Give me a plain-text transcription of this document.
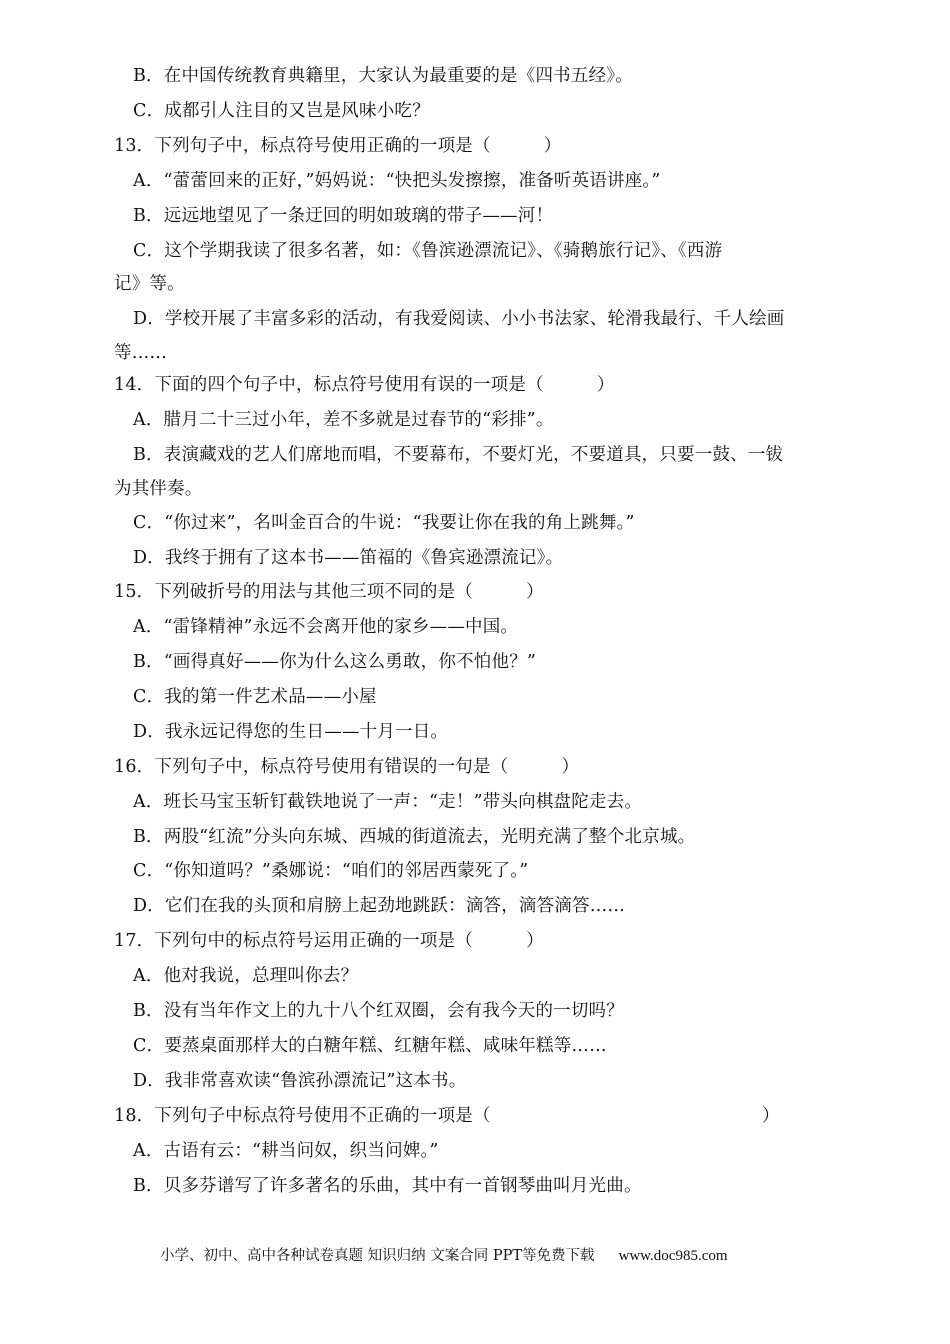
B．在中国传统教育典籍里，大家认为最重要的是《四书五经》。
C．成都引人注目的又岂是风味小吃？
13．下列句子中，标点符号使用正确的一项是（　　　）
A．“蕾蕾回来的正好，”妈妈说：“快把头发擦擦，准备听英语讲座。”
B．远远地望见了一条迂回的明如玻璃的带子——河！
C．这个学期我读了很多名著，如：《鲁滨逊漂流记》、《骑鹅旅行记》、《西游
记》等。
D．学校开展了丰富多彩的活动，有我爱阅读、小小书法家、轮滑我最行、千人绘画
等……
14．下面的四个句子中，标点符号使用有误的一项是（　　　）
A．腊月二十三过小年，差不多就是过春节的“彩排”。
B．表演藏戏的艺人们席地而唱，不要幕布，不要灯光，不要道具，只要一鼓、一钹
为其伴奏。
C．“你过来”，名叫金百合的牛说：“我要让你在我的角上跳舞。”
D．我终于拥有了这本书——笛福的《鲁宾逊漂流记》。
15．下列破折号的用法与其他三项不同的是（　　　）
A．“雷锋精神”永远不会离开他的家乡——中国。
B．“画得真好——你为什么这么勇敢，你不怕他？”
C．我的第一件艺术品——小屋
D．我永远记得您的生日——十月一日。
16．下列句子中，标点符号使用有错误的一句是（　　　）
A．班长马宝玉斩钉截铁地说了一声：“走！”带头向棋盘陀走去。
B．两股“红流”分头向东城、西城的街道流去，光明充满了整个北京城。
C．“你知道吗？”桑娜说：“咱们的邻居西蒙死了。”
D．它们在我的头顶和肩膀上起劲地跳跃：滴答，滴答滴答……
17．下列句中的标点符号运用正确的一项是（　　　）
A．他对我说，总理叫你去？
B．没有当年作文上的九十八个红双圈，会有我今天的一切吗？
C．要蒸桌面那样大的白糖年糕、红糖年糕、咸味年糕等……
D．我非常喜欢读“鲁滨孙漂流记”这本书。
18．下列句子中标点符号使用不正确的一项是（	）
A．古语有云：“耕当问奴，织当问婢。”
B．贝多芬谱写了许多著名的乐曲，其中有一首钢琴曲叫月光曲。
小学、初中、高中各种试卷真题 知识归纳 文案合同 PPT等免费下载 www.doc985.com
